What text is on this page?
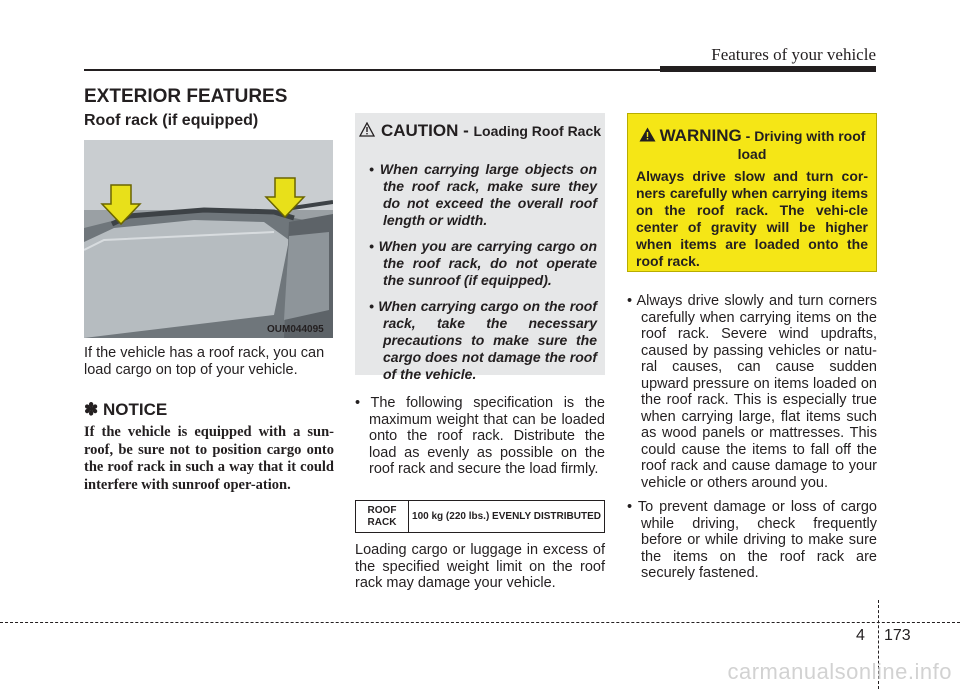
Features of your vehicle
EXTERIOR FEATURES
Roof rack (if equipped)
OUM044095
If the vehicle has a roof rack, you can load cargo on top of your vehicle.
✽ NOTICE
If the vehicle is equipped with a sun-roof, be sure not to position cargo onto the roof rack in such a way that it could interfere with sunroof oper-ation.
CAUTION - Loading Roof Rack
• When carrying large objects on the roof rack, make sure they do not exceed the overall roof length or width.
• When you are carrying cargo on the roof rack, do not operate the sunroof (if equipped).
• When carrying cargo on the roof rack, take the necessary precautions to make sure the cargo does not damage the roof of the vehicle.
• The following specification is the maximum weight that can be loaded onto the roof rack. Distribute the load as evenly as possible on the roof rack and secure the load firmly.
ROOF RACK
100 kg (220 lbs.) EVENLY DISTRIBUTED
Loading cargo or luggage in excess of the specified weight limit on the roof rack may damage your vehicle.
WARNING - Driving with roof load
Always drive slow and turn cor-ners carefully when carrying items on the roof rack. The vehi-cle center of gravity will be higher when items are loaded onto the roof rack.
• Always drive slowly and turn corners carefully when carrying items on the roof rack. Severe wind updrafts, caused by passing vehicles or natu-ral causes, can cause sudden upward pressure on items loaded on the roof rack. This is especially true when carrying large, flat items such as wood panels or mattresses. This could cause the items to fall off the roof rack and cause damage to your vehicle or others around you.
• To prevent damage or loss of cargo while driving, check frequently before or while driving to make sure the items on the roof rack are securely fastened.
4 173
carmanualsonline.info
